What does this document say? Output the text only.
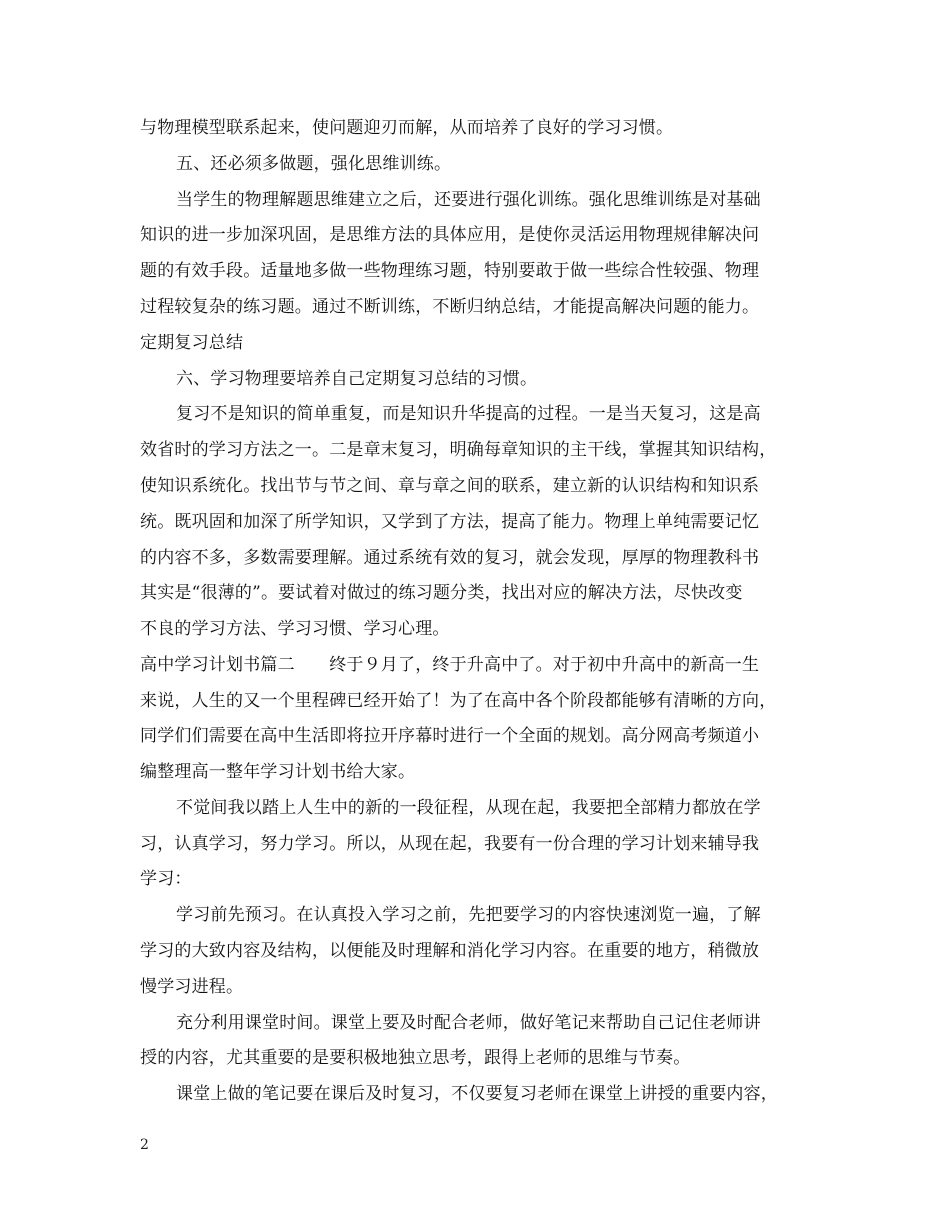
与物理模型联系起来，使问题迎刃而解，从而培养了良好的学习习惯。
五、还必须多做题，强化思维训练。
当学生的物理解题思维建立之后，还要进行强化训练。强化思维训练是对基础
知识的进一步加深巩固，是思维方法的具体应用，是使你灵活运用物理规律解决问
题的有效手段。适量地多做一些物理练习题，特别要敢于做一些综合性较强、物理
过程较复杂的练习题。通过不断训练，不断归纳总结，才能提高解决问题的能力。
定期复习总结
六、学习物理要培养自己定期复习总结的习惯。
复习不是知识的简单重复，而是知识升华提高的过程。一是当天复习，这是高
效省时的学习方法之一。二是章末复习，明确每章知识的主干线，掌握其知识结构，
使知识系统化。找出节与节之间、章与章之间的联系，建立新的认识结构和知识系
统。既巩固和加深了所学知识，又学到了方法，提高了能力。物理上单纯需要记忆
的内容不多，多数需要理解。通过系统有效的复习，就会发现，厚厚的物理教科书
其实是“很薄的”。要试着对做过的练习题分类，找出对应的解决方法，尽快改变
不良的学习方法、学习习惯、学习心理。
高中学习计划书篇二　　终于９月了，终于升高中了。对于初中升高中的新高一生
来说，人生的又一个里程碑已经开始了！为了在高中各个阶段都能够有清晰的方向，
同学们们需要在高中生活即将拉开序幕时进行一个全面的规划。高分网高考频道小
编整理高一整年学习计划书给大家。
不觉间我以踏上人生中的新的一段征程，从现在起，我要把全部精力都放在学
习，认真学习，努力学习。所以，从现在起，我要有一份合理的学习计划来辅导我
学习：
学习前先预习。在认真投入学习之前，先把要学习的内容快速浏览一遍，了解
学习的大致内容及结构，以便能及时理解和消化学习内容。在重要的地方，稍微放
慢学习进程。
充分利用课堂时间。课堂上要及时配合老师，做好笔记来帮助自己记住老师讲
授的内容，尤其重要的是要积极地独立思考，跟得上老师的思维与节奏。
课堂上做的笔记要在课后及时复习，不仅要复习老师在课堂上讲授的重要内容，
2
